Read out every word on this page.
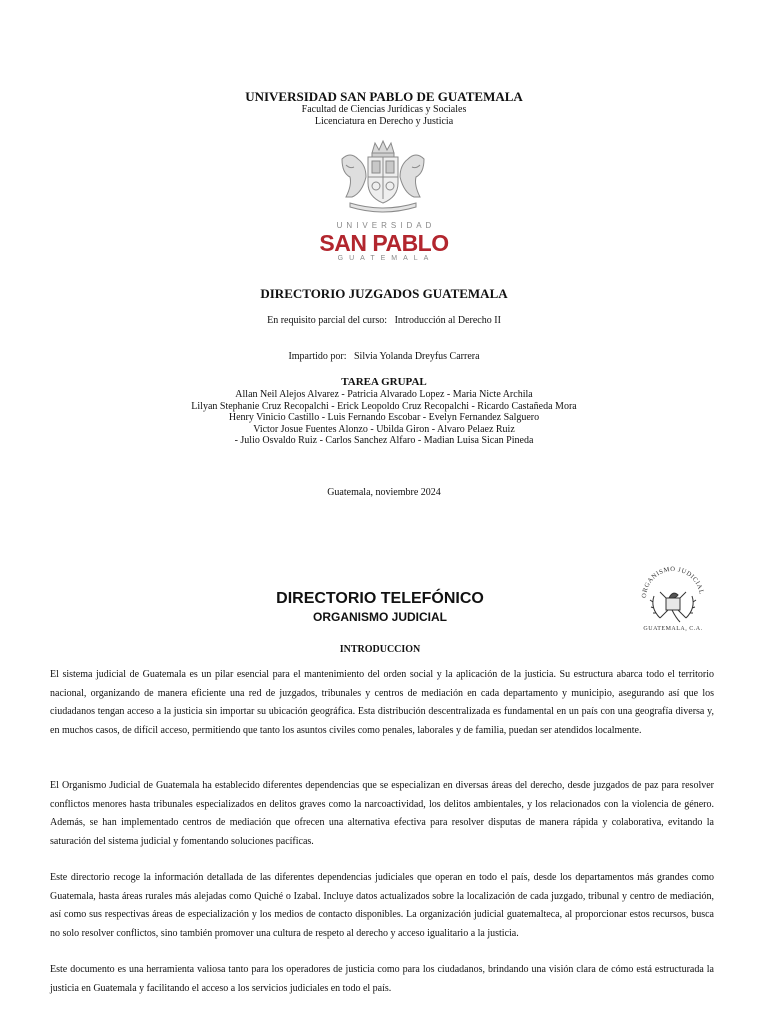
UNIVERSIDAD SAN PABLO DE GUATEMALA
Facultad de Ciencias Jurídicas y Sociales
Licenciatura en Derecho y Justicia
UNIVERSIDAD
SAN PABLO
GUATEMALA
DIRECTORIO JUZGADOS GUATEMALA
En requisito parcial del curso: Introducción al Derecho II
Impartido por: Silvia Yolanda Dreyfus Carrera
TAREA GRUPAL
Allan Neil Alejos Alvarez - Patricia Alvarado Lopez - Maria Nicte Archila
Lilyan Stephanie Cruz Recopalchi - Erick Leopoldo Cruz Recopalchi - Ricardo Castañeda Mora
Henry Vinicio Castillo - Luis Fernando Escobar - Evelyn Fernandez Salguero
Victor Josue Fuentes Alonzo - Ubilda Giron - Alvaro Pelaez Ruiz
- Julio Osvaldo Ruiz - Carlos Sanchez Alfaro - Madian Luisa Sican Pineda
Guatemala, noviembre 2024
DIRECTORIO TELEFÓNICO
ORGANISMO JUDICIAL
ORGANISMO JUDICIAL
GUATEMALA, C.A.
INTRODUCCION

El sistema judicial de Guatemala es un pilar esencial para el mantenimiento del orden social y la aplicación de la justicia. Su estructura abarca todo el territorio nacional, organizando de manera eficiente una red de juzgados, tribunales y centros de mediación en cada departamento y municipio, asegurando así que los ciudadanos tengan acceso a la justicia sin importar su ubicación geográfica. Esta distribución descentralizada es fundamental en un país con una geografía diversa y, en muchos casos, de difícil acceso, permitiendo que tanto los asuntos civiles como penales, laborales y de familia, puedan ser atendidos localmente.

El Organismo Judicial de Guatemala ha establecido diferentes dependencias que se especializan en diversas áreas del derecho, desde juzgados de paz para resolver conflictos menores hasta tribunales especializados en delitos graves como la narcoactividad, los delitos ambientales, y los relacionados con la violencia de género. Además, se han implementado centros de mediación que ofrecen una alternativa efectiva para resolver disputas de manera rápida y colaborativa, evitando la saturación del sistema judicial y fomentando soluciones pacíficas.

Este directorio recoge la información detallada de las diferentes dependencias judiciales que operan en todo el país, desde los departamentos más grandes como Guatemala, hasta áreas rurales más alejadas como Quiché o Izabal. Incluye datos actualizados sobre la localización de cada juzgado, tribunal y centro de mediación, así como sus respectivas áreas de especialización y los medios de contacto disponibles. La organización judicial guatemalteca, al proporcionar estos recursos, busca no solo resolver conflictos, sino también promover una cultura de respeto al derecho y acceso igualitario a la justicia.

Este documento es una herramienta valiosa tanto para los operadores de justicia como para los ciudadanos, brindando una visión clara de cómo está estructurada la justicia en Guatemala y facilitando el acceso a los servicios judiciales en todo el país.
